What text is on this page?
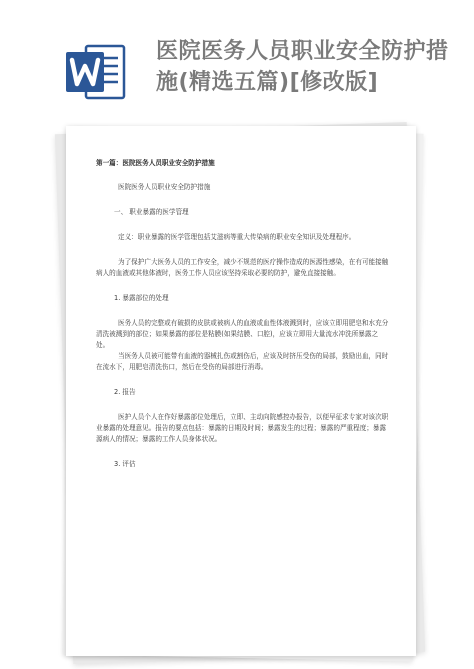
医院医务人员职业安全防护措施(精选五篇)[修改版]

第一篇：医院医务人员职业安全防护措施

医院医务人员职业安全防护措施

一、 职业暴露的医学管理

定义：职业暴露的医学管理包括艾滋病等重大传染病的职业安全知识及处理程序。

为了保护广大医务人员的工作安全，减少不规范的医疗操作造成的医源性感染，在有可能接触病人的血液或其他体液时，医务工作人员应该坚持采取必要的防护，避免直接接触。

1. 暴露部位的处理

医务人员的完整或有破损的皮肤或被病人的血液或血性体液溅到时，应该立即用肥皂和水充分清洗被溅到的部位；如果暴露的部位是粘膜(如果结膜、口腔)，应该立即用大量流水冲洗所暴露之处。

当医务人员被可能带有血液的器械扎伤或割伤后，应该及时挤压受伤的局部，鼓励出血，同时在流水下，用肥皂清洗伤口，然后在受伤的局部进行消毒。

2. 报告

医护人员个人在作好暴露部位处理后，立即、主动向院感控办报告，以便早征求专家对该次职业暴露的处理意见。报告的要点包括：暴露的日期及时间；暴露发生的过程；暴露的严重程度；暴露源病人的情况；暴露的工作人员身体状况。

3. 评估
